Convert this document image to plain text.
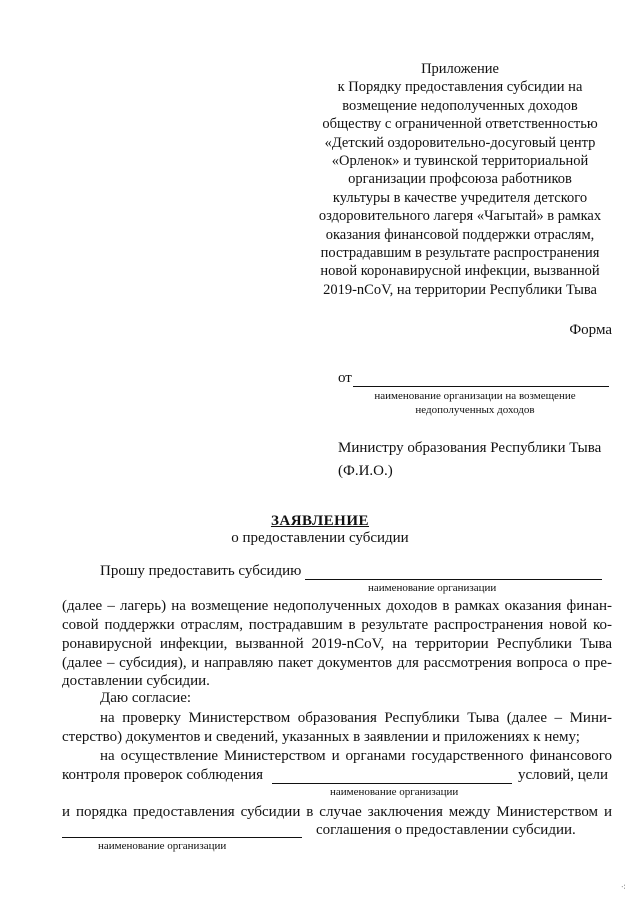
Приложение
к Порядку предоставления субсидии на
возмещение недополученных доходов
обществу с ограниченной ответственностью
«Детский оздоровительно-досуговый центр
«Орленок» и тувинской территориальной
организации профсоюза работников
культуры в качестве учредителя детского
оздоровительного лагеря «Чагытай» в рамках
оказания финансовой поддержки отраслям,
пострадавшим в результате распространения
новой коронавирусной инфекции, вызванной
2019-nCoV, на территории Республики Тыва
Форма
от
наименование организации на возмещение
недополученных доходов
Министру образования Республики Тыва
(Ф.И.О.)
ЗАЯВЛЕНИЕ
о предоставлении субсидии
Прошу предоставить субсидию
наименование организации
(далее – лагерь) на возмещение недополученных доходов в рамках оказания финан-
совой поддержки отраслям, пострадавшим в результате распространения новой ко-
ронавирусной инфекции, вызванной 2019-nCoV, на территории Республики Тыва
(далее – субсидия), и направляю пакет документов для рассмотрения вопроса о пре-
доставлении субсидии.
Даю согласие:
на проверку Министерством образования Республики Тыва (далее – Мини-
стерство) документов и сведений, указанных в заявлении и приложениях к нему;
на осуществление Министерством и органами государственного финансового
контроля проверок соблюдения	условий, цели
наименование организации
и порядка предоставления субсидии в случае заключения между Министерством и
соглашения о предоставлении субсидии.
наименование организации
⁖
